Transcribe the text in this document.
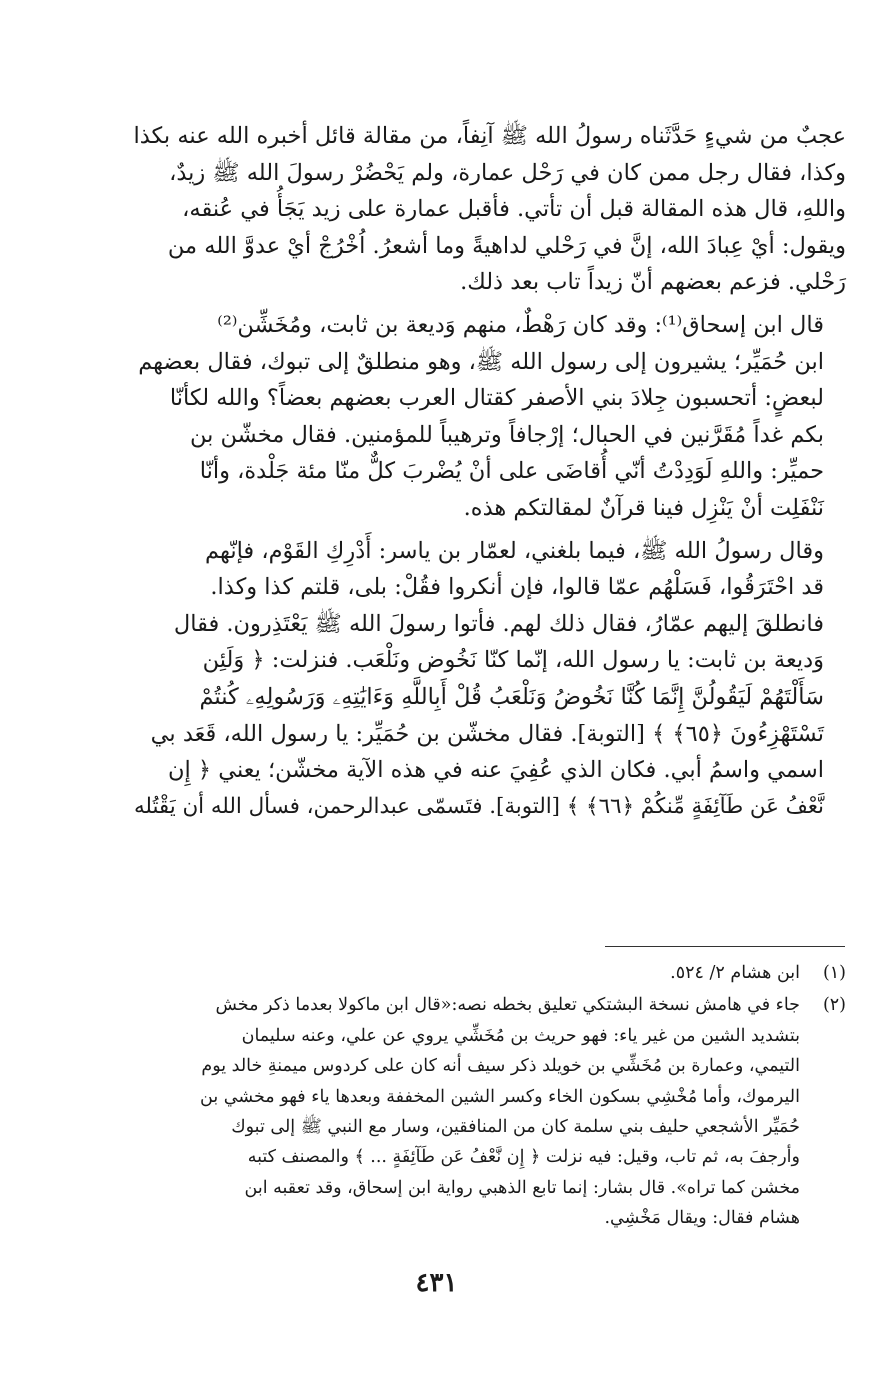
عجبٌ من شيءٍ حَدَّثَناه رسولُ الله ﷺ آنِفاً، من مقالة قائل أخبره الله عنه بكذا
وكذا، فقال رجل ممن كان في رَحْل عمارة، ولم يَحْضُرْ رسولَ الله ﷺ زيدٌ،
واللهِ، قال هذه المقالة قبل أن تأتي. فأقبل عمارة على زيد يَجَأُ في عُنقه،
ويقول: أيْ عِبادَ الله، إنَّ في رَحْلي لداهيةً وما أشعرُ. اُخْرُجْ أيْ عدوَّ الله من
رَحْلي. فزعم بعضهم أنّ زيداً تاب بعد ذلك.

قال ابن إسحاق⁽¹⁾: وقد كان رَهْطٌ، منهم وَديعة بن ثابت، ومُخَشِّن⁽²⁾
ابن حُمَيِّر؛ يشيرون إلى رسول الله ﷺ، وهو منطلقٌ إلى تبوك، فقال بعضهم
لبعضٍ: أتحسبون جِلادَ بني الأصفر كقتال العرب بعضهم بعضاً؟ والله لكأنّا
بكم غداً مُقَرَّنين في الحبال؛ إرْجافاً وترهيباً للمؤمنين. فقال مخشّن بن
حميِّر: واللهِ لَوَدِدْتُ أنّي أُقاضَى على أنْ يُضْربَ كلٌّ منّا مئة جَلْدة، وأنّا
نَنْفَلِت أنْ يَنْزِل فينا قرآنٌ لمقالتكم هذه.

وقال رسولُ الله ﷺ، فيما بلغني، لعمّار بن ياسر: أَدْرِكِ القَوْم، فإنّهم
قد احْتَرَقُوا، فَسَلْهُم عمّا قالوا، فإن أنكروا فقُلْ: بلى، قلتم كذا وكذا.
فانطلقَ إليهم عمّارُ، فقال ذلك لهم. فأتوا رسولَ الله ﷺ يَعْتَذِرون. فقال
وَديعة بن ثابت: يا رسول الله، إنّما كنّا نَخُوض ونَلْعَب. فنزلت: ﴿ وَلَئِن
سَأَلْتَهُمْ لَيَقُولُنَّ إِنَّمَا كُنَّا نَخُوضُ وَنَلْعَبُ قُلْ أَبِاللَّهِ وَءَايَٰتِهِۦ وَرَسُولِهِۦ كُنتُمْ
تَسْتَهْزِءُونَ ﴿٦٥﴾ ﴾ [التوبة]. فقال مخشّن بن حُمَيِّر: يا رسول الله، قَعَد بي
اسمي واسمُ أبي. فكان الذي عُفِيَ عنه في هذه الآية مخشّن؛ يعني ﴿ إِن
نَّعْفُ عَن طَآئِفَةٍ مِّنكُمْ ﴿٦٦﴾ ﴾ [التوبة]. فتَسمّى عبدالرحمن، فسأل الله أن يَقْتُله

(١)
ابن هشام ٢/ ٥٢٤.
(٢)
جاء في هامش نسخة البشتكي تعليق بخطه نصه:«قال ابن ماكولا بعدما ذكر مخش
بتشديد الشين من غير ياء: فهو حريث بن مُخَشِّي يروي عن علي، وعنه سليمان
التيمي، وعمارة بن مُخَشِّي بن خويلد ذكر سيف أنه كان على كردوس ميمنةِ خالد يوم
اليرموك، وأما مُخْشِي بسكون الخاء وكسر الشين المخففة وبعدها ياء فهو مخشي بن
حُمَيِّر الأشجعي حليف بني سلمة كان من المنافقين، وسار مع النبي ﷺ إلى تبوك
وأرجفَ به، ثم تاب، وقيل: فيه نزلت ﴿ إِن نَّعْفُ عَن طَآئِفَةٍ ... ﴾ والمصنف كتبه
مخشن كما تراه». قال بشار: إنما تابع الذهبي رواية ابن إسحاق، وقد تعقبه ابن
هشام فقال: ويقال مَخْشِي.
٤٣١
